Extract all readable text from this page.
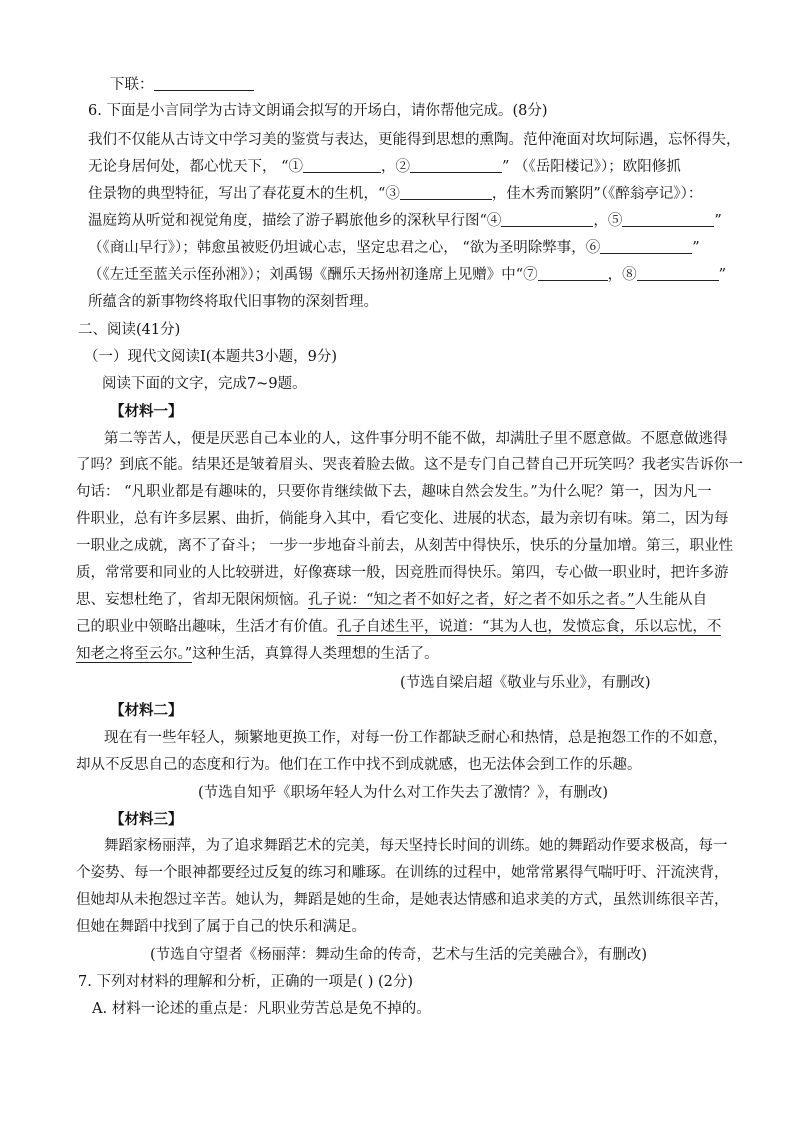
下联：
6. 下面是小言同学为古诗文朗诵会拟写的开场白，请你帮他完成。(8分)
我们不仅能从古诗文中学习美的鉴赏与表达，更能得到思想的熏陶。范仲淹面对坎坷际遇，忘怀得失，
无论身居何处，都心忧天下， “①	，②	” （《岳阳楼记》）；欧阳修抓
住景物的典型特征，写出了春花夏木的生机，“③	，佳木秀而繁阴”（《醉翁亭记》）：
温庭筠从听觉和视觉角度，描绘了游子羁旅他乡的深秋早行图“④	，⑤	”
（《商山早行》）；韩愈虽被贬仍坦诚心志，坚定忠君之心， “欲为圣明除弊事，⑥	”
（《左迁至蓝关示侄孙湘》）；刘禹锡《酬乐天扬州初逢席上见赠》中“⑦	，⑧	”
所蕴含的新事物终将取代旧事物的深刻哲理。
二、阅读(41分)
（一）现代文阅读Ⅰ(本题共3小题，9分)
阅读下面的文字，完成7~9题。
【材料一】
第二等苦人，便是厌恶自己本业的人，这件事分明不能不做，却满肚子里不愿意做。不愿意做逃得
了吗？到底不能。结果还是皱着眉头、哭丧着脸去做。这不是专门自己替自己开玩笑吗？我老实告诉你一
句话： “凡职业都是有趣味的，只要你肯继续做下去，趣味自然会发生。”为什么呢？第一，因为凡一
件职业，总有许多层累、曲折，倘能身入其中，看它变化、进展的状态，最为亲切有味。第二，因为每
一职业之成就，离不了奋斗； 一步一步地奋斗前去，从刻苦中得快乐，快乐的分量加增。第三，职业性
质，常常要和同业的人比较骈进，好像赛球一般，因竞胜而得快乐。第四，专心做一职业时，把许多游
思、妄想杜绝了，省却无限闲烦恼。孔子说：“知之者不如好之者，好之者不如乐之者。”人生能从自
己的职业中领略出趣味，生活才有价值。孔子自述生平，说道：“其为人也，发愤忘食，乐以忘忧，不
知老之将至云尔。”这种生活，真算得人类理想的生活了。
(节选自梁启超《敬业与乐业》，有删改)
【材料二】
现在有一些年轻人，频繁地更换工作，对每一份工作都缺乏耐心和热情，总是抱怨工作的不如意，
却从不反思自己的态度和行为。他们在工作中找不到成就感，也无法体会到工作的乐趣。
(节选自知乎《职场年轻人为什么对工作失去了激情？》，有删改)
【材料三】
舞蹈家杨丽萍，为了追求舞蹈艺术的完美，每天坚持长时间的训练。她的舞蹈动作要求极高，每一
个姿势、每一个眼神都要经过反复的练习和雕琢。在训练的过程中，她常常累得气喘吁吁、汗流浃背，
但她却从未抱怨过辛苦。她认为，舞蹈是她的生命，是她表达情感和追求美的方式，虽然训练很辛苦，
但她在舞蹈中找到了属于自己的快乐和满足。
(节选自守望者《杨丽萍：舞动生命的传奇，艺术与生活的完美融合》，有删改)
7. 下列对材料的理解和分析，正确的一项是( ) (2分)
A. 材料一论述的重点是：凡职业劳苦总是免不掉的。
